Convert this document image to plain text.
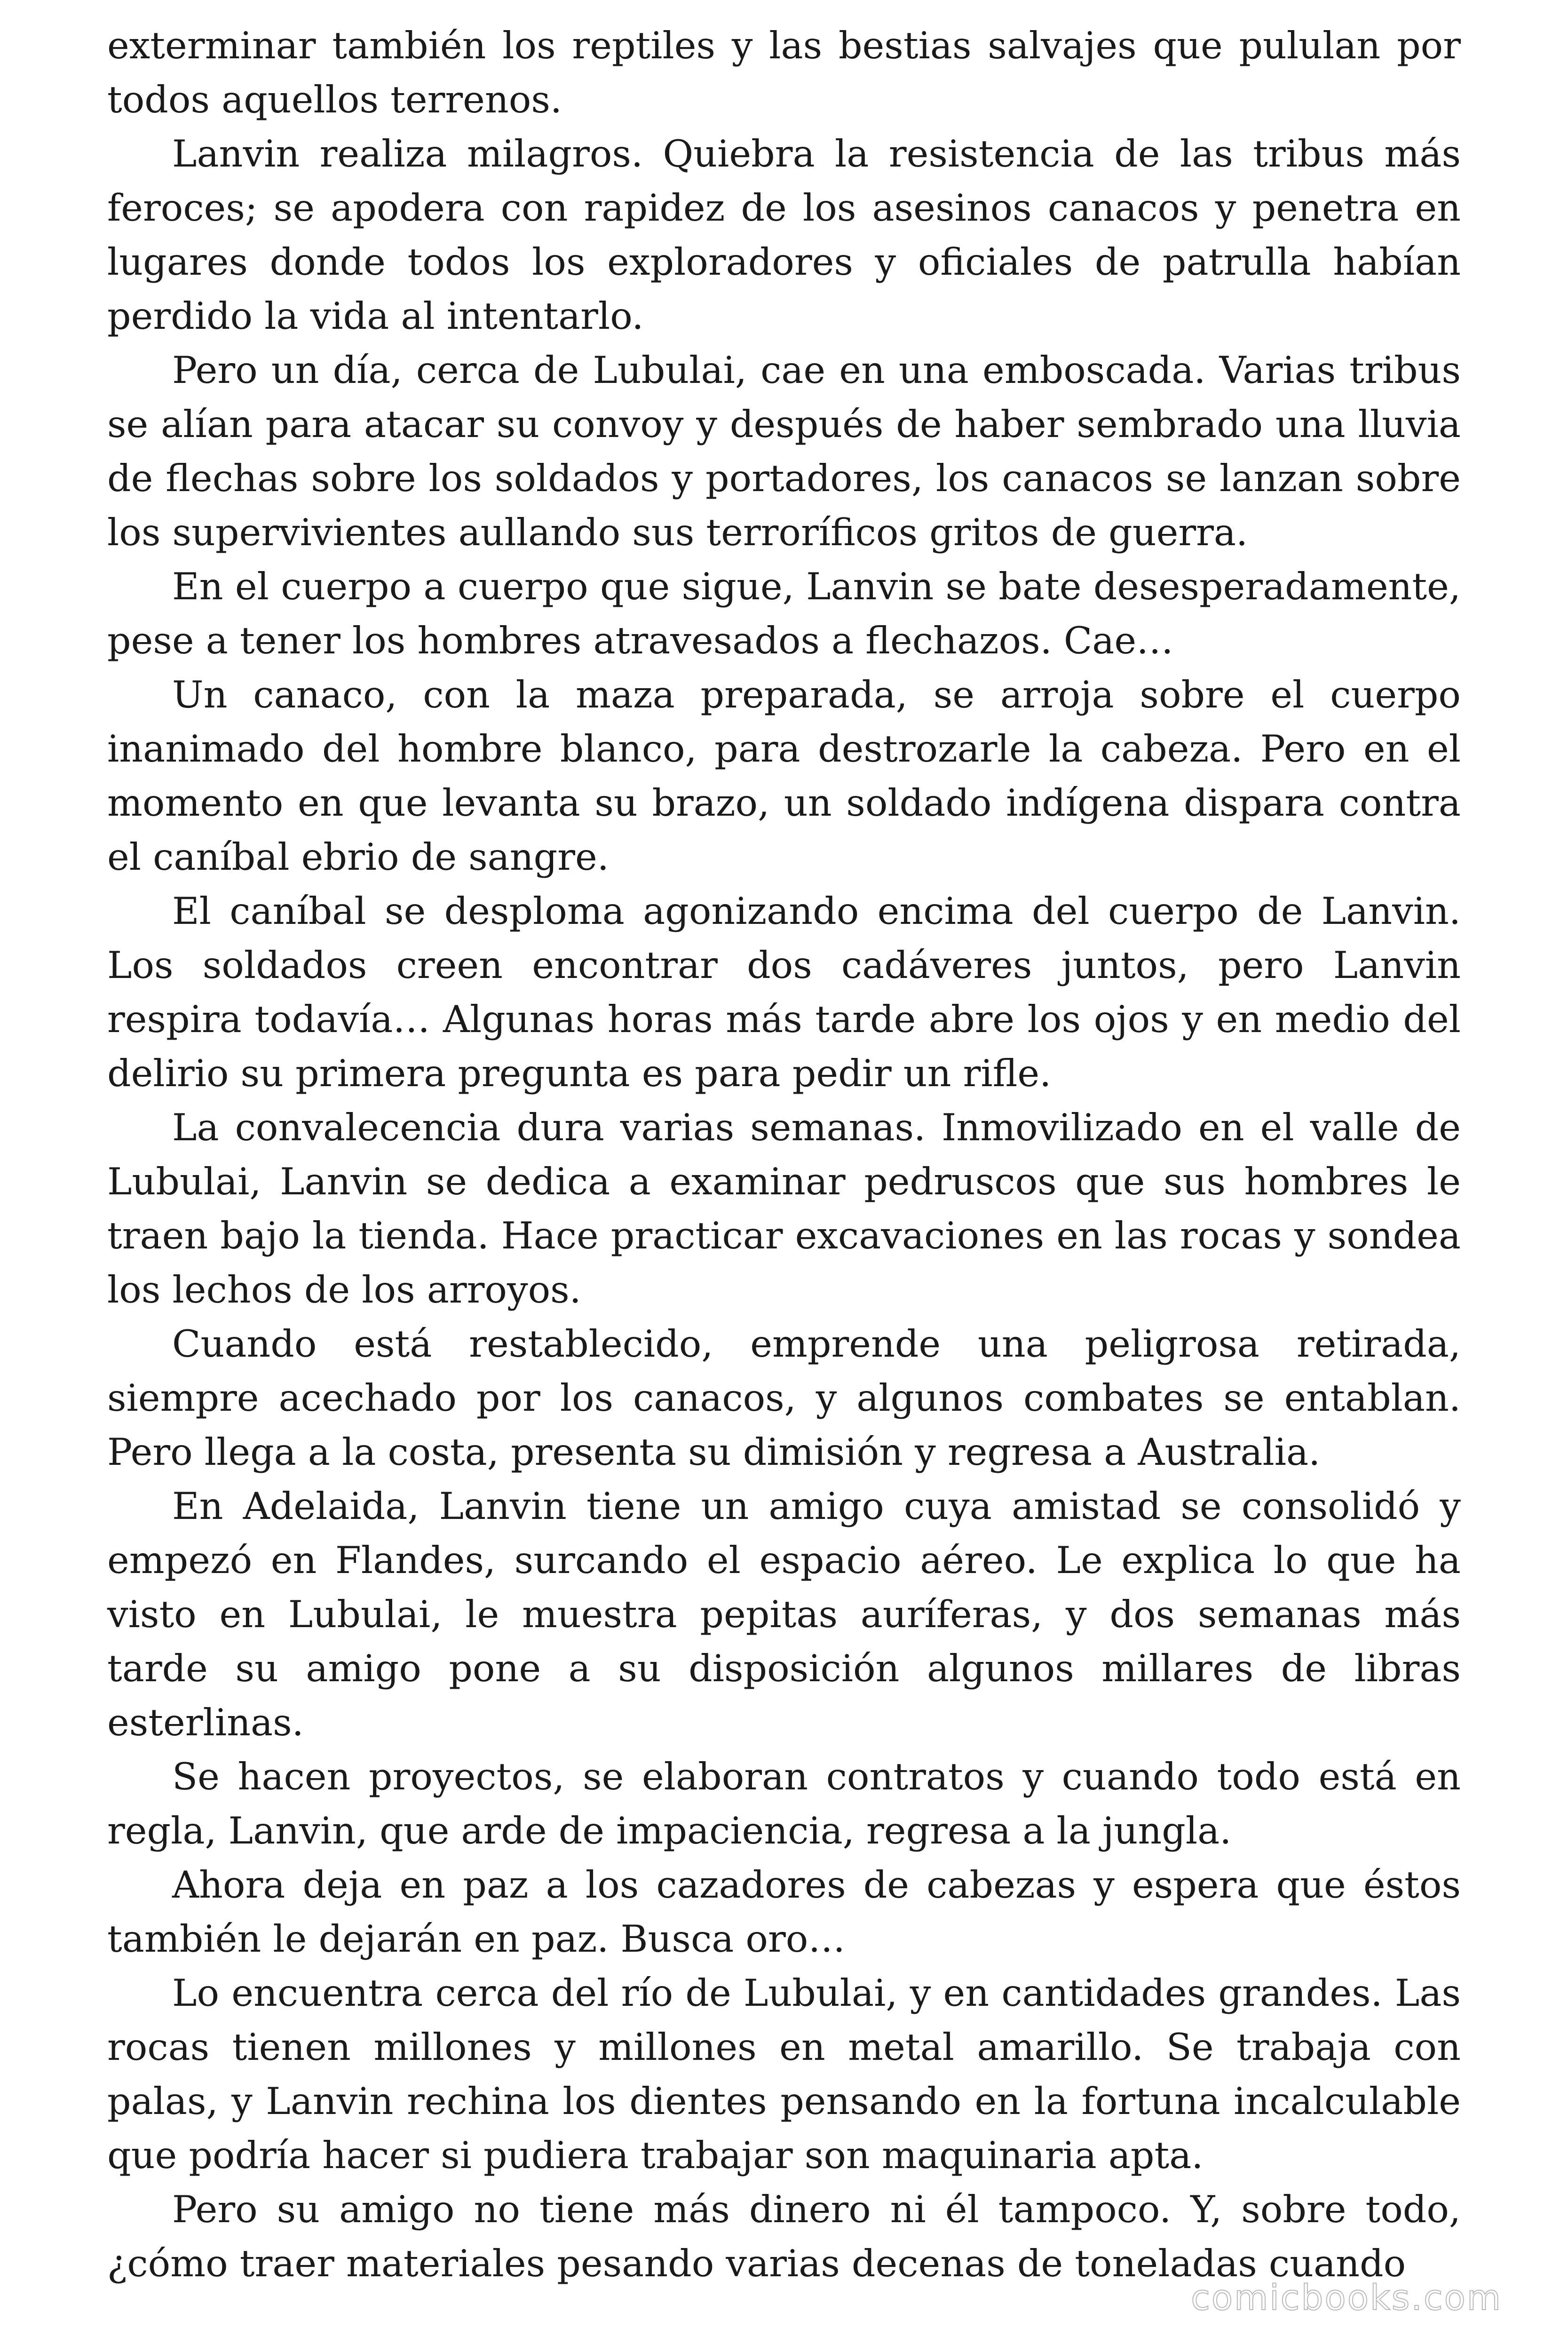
exterminar también los reptiles y las bestias salvajes que pululan por todos aquellos terrenos.

Lanvin realiza milagros. Quiebra la resistencia de las tribus más feroces; se apodera con rapidez de los asesinos canacos y penetra en lugares donde todos los exploradores y oficiales de patrulla habían perdido la vida al intentarlo.

Pero un día, cerca de Lubulai, cae en una emboscada. Varias tribus se alían para atacar su convoy y después de haber sembrado una lluvia de flechas sobre los soldados y portadores, los canacos se lanzan sobre los supervivientes aullando sus terroríficos gritos de guerra.

En el cuerpo a cuerpo que sigue, Lanvin se bate desesperadamente, pese a tener los hombres atravesados a flechazos. Cae…

Un canaco, con la maza preparada, se arroja sobre el cuerpo inanimado del hombre blanco, para destrozarle la cabeza. Pero en el momento en que levanta su brazo, un soldado indígena dispara contra el caníbal ebrio de sangre.

El caníbal se desploma agonizando encima del cuerpo de Lanvin. Los soldados creen encontrar dos cadáveres juntos, pero Lanvin respira todavía… Algunas horas más tarde abre los ojos y en medio del delirio su primera pregunta es para pedir un rifle.

La convalecencia dura varias semanas. Inmovilizado en el valle de Lubulai, Lanvin se dedica a examinar pedruscos que sus hombres le traen bajo la tienda. Hace practicar excavaciones en las rocas y sondea los lechos de los arroyos.

Cuando está restablecido, emprende una peligrosa retirada, siempre acechado por los canacos, y algunos combates se entablan. Pero llega a la costa, presenta su dimisión y regresa a Australia.

En Adelaida, Lanvin tiene un amigo cuya amistad se consolidó y empezó en Flandes, surcando el espacio aéreo. Le explica lo que ha visto en Lubulai, le muestra pepitas auríferas, y dos semanas más tarde su amigo pone a su disposición algunos millares de libras esterlinas.

Se hacen proyectos, se elaboran contratos y cuando todo está en regla, Lanvin, que arde de impaciencia, regresa a la jungla.

Ahora deja en paz a los cazadores de cabezas y espera que éstos también le dejarán en paz. Busca oro…

Lo encuentra cerca del río de Lubulai, y en cantidades grandes. Las rocas tienen millones y millones en metal amarillo. Se trabaja con palas, y Lanvin rechina los dientes pensando en la fortuna incalculable que podría hacer si pudiera trabajar son maquinaria apta.

Pero su amigo no tiene más dinero ni él tampoco. Y, sobre todo, ¿cómo traer materiales pesando varias decenas de toneladas cuando

comicbooks.com
